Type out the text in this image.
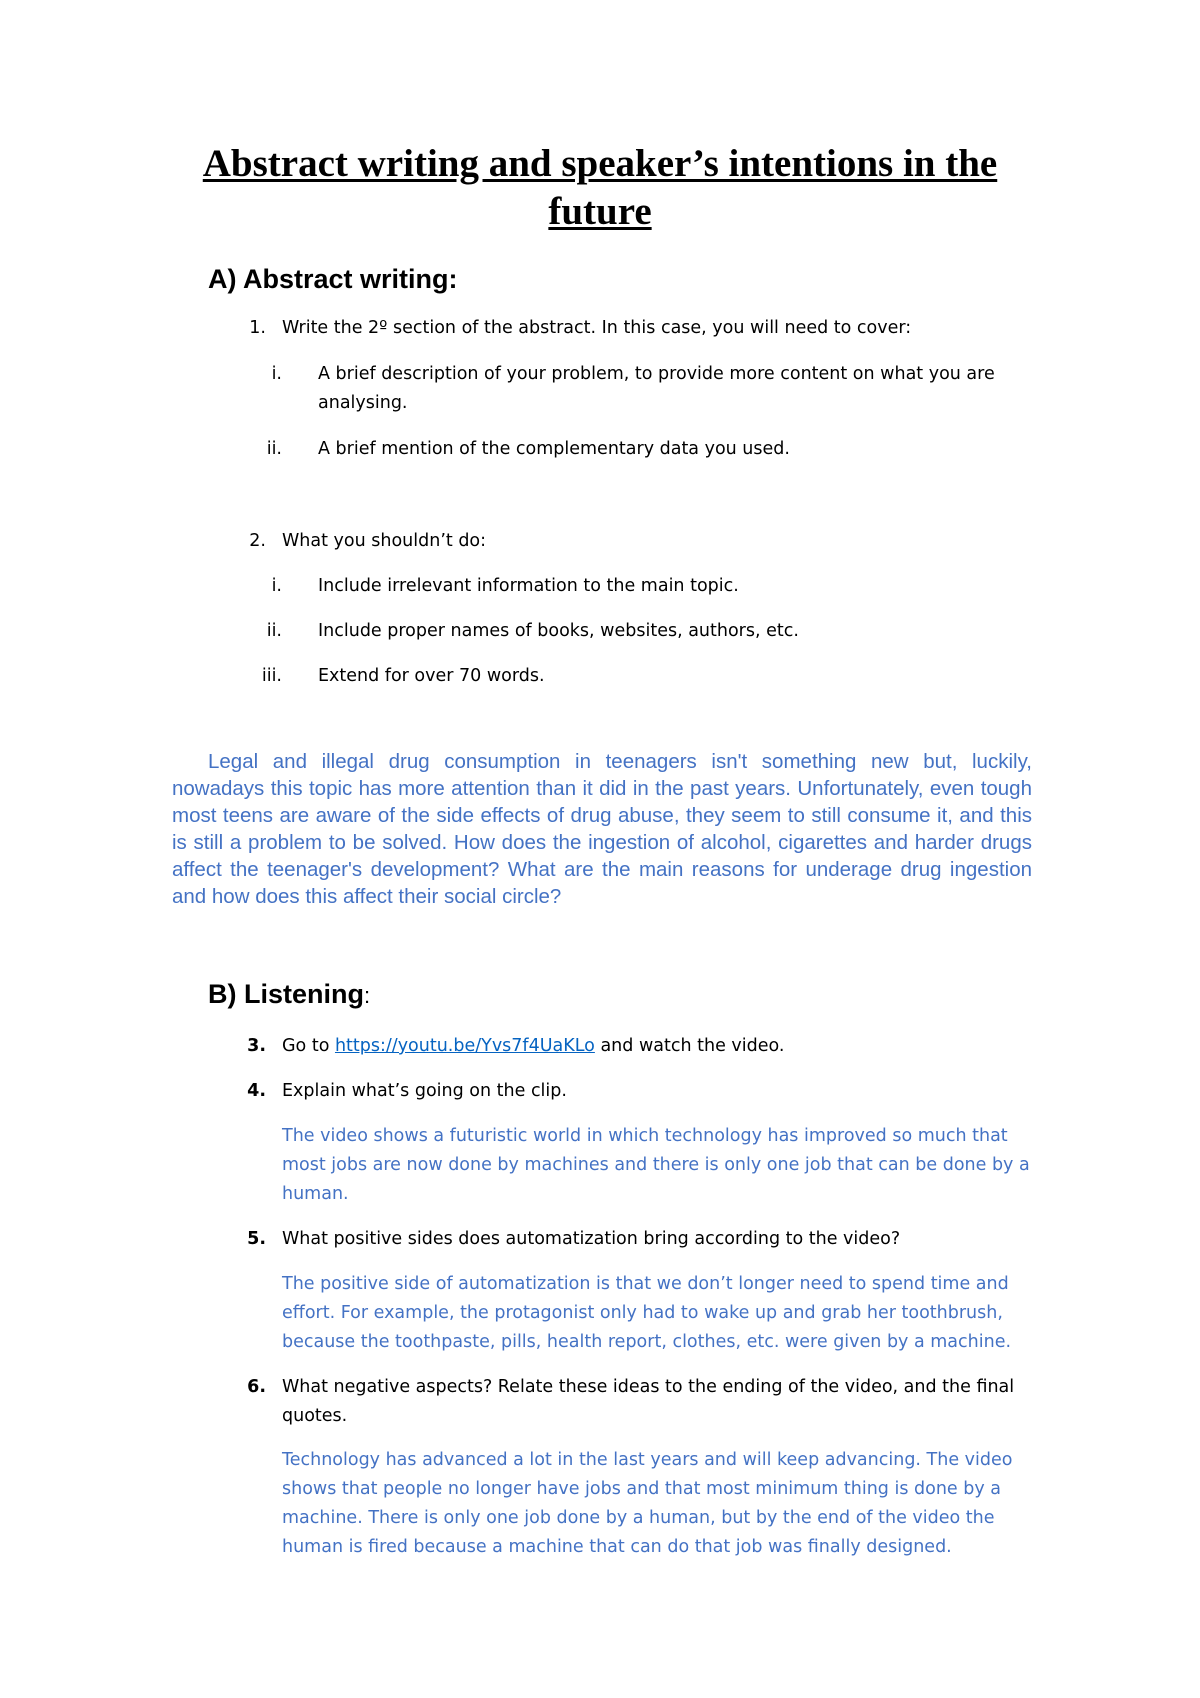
Abstract writing and speaker’s intentions in the future
A) Abstract writing:
1. Write the 2º section of the abstract. In this case, you will need to cover:
i. A brief description of your problem, to provide more content on what you are analysing.
ii. A brief mention of the complementary data you used.
2. What you shouldn’t do:
i. Include irrelevant information to the main topic.
ii. Include proper names of books, websites, authors, etc.
iii. Extend for over 70 words.

Legal and illegal drug consumption in teenagers isn't something new but, luckily, nowadays this topic has more attention than it did in the past years. Unfortunately, even tough most teens are aware of the side effects of drug abuse, they seem to still consume it, and this is still a problem to be solved. How does the ingestion of alcohol, cigarettes and harder drugs affect the teenager's development? What are the main reasons for underage drug ingestion and how does this affect their social circle?

B) Listening:
3. Go to https://youtu.be/Yvs7f4UaKLo and watch the video.
4. Explain what’s going on the clip.
The video shows a futuristic world in which technology has improved so much that most jobs are now done by machines and there is only one job that can be done by a human.
5. What positive sides does automatization bring according to the video?
The positive side of automatization is that we don’t longer need to spend time and effort. For example, the protagonist only had to wake up and grab her toothbrush, because the toothpaste, pills, health report, clothes, etc. were given by a machine.
6. What negative aspects? Relate these ideas to the ending of the video, and the final quotes.
Technology has advanced a lot in the last years and will keep advancing. The video shows that people no longer have jobs and that most minimum thing is done by a machine. There is only one job done by a human, but by the end of the video the human is fired because a machine that can do that job was finally designed.
